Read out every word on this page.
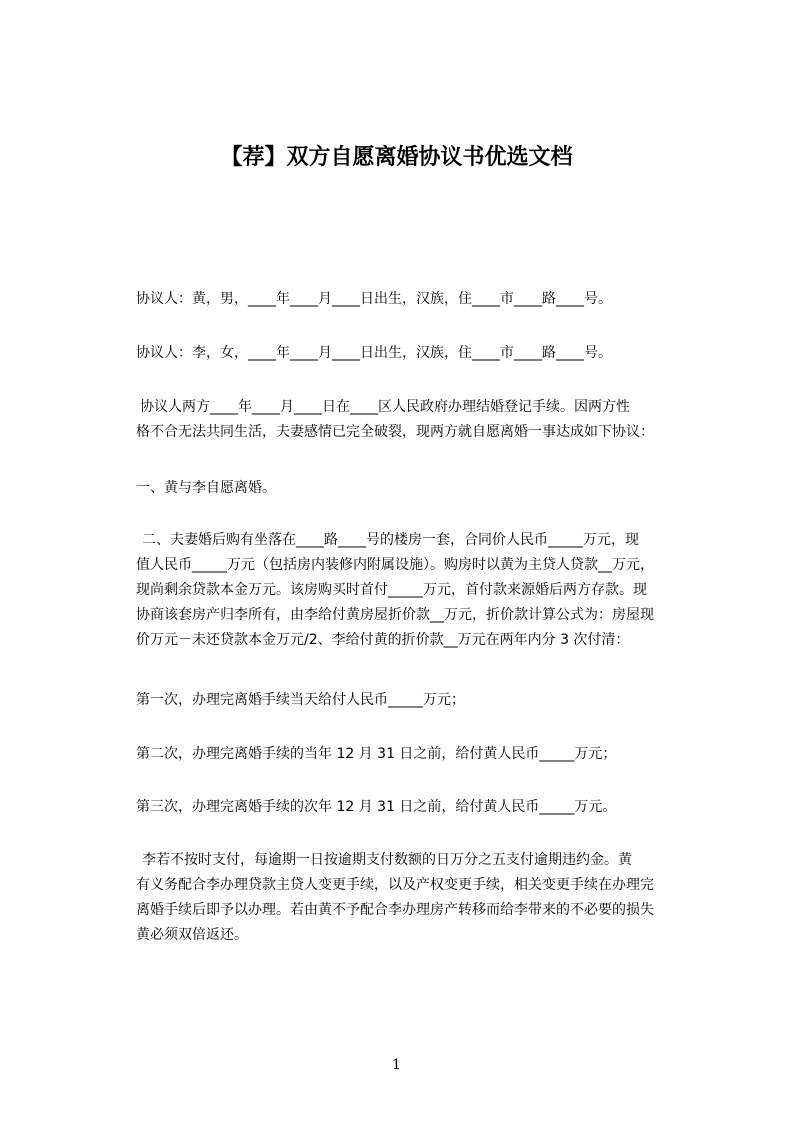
【荐】双方自愿离婚协议书优选文档
协议人：黄，男，____年____月____日出生，汉族，住____市____路____号。
协议人：李，女，____年____月____日出生，汉族，住____市____路____号。
协议人两方____年____月____日在____区人民政府办理结婚登记手续。因两方性
格不合无法共同生活，夫妻感情已完全破裂，现两方就自愿离婚一事达成如下协议：
一、黄与李自愿离婚。
二、夫妻婚后购有坐落在____路____号的楼房一套，合同价人民币_____万元，现
值人民币_____万元（包括房内装修内附属设施）。购房时以黄为主贷人贷款__万元，
现尚剩余贷款本金万元。该房购买时首付_____万元，首付款来源婚后两方存款。现
协商该套房产归李所有，由李给付黄房屋折价款__万元，折价款计算公式为：房屋现
价万元－未还贷款本金万元/2、李给付黄的折价款__万元在两年内分 3 次付清：
第一次，办理完离婚手续当天给付人民币_____万元；
第二次，办理完离婚手续的当年 12 月 31 日之前，给付黄人民币_____万元；
第三次，办理完离婚手续的次年 12 月 31 日之前，给付黄人民币_____万元。
李若不按时支付，每逾期一日按逾期支付数额的日万分之五支付逾期违约金。黄
有义务配合李办理贷款主贷人变更手续，以及产权变更手续，相关变更手续在办理完
离婚手续后即予以办理。若由黄不予配合李办理房产转移而给李带来的不必要的损失
黄必须双倍返还。
1
